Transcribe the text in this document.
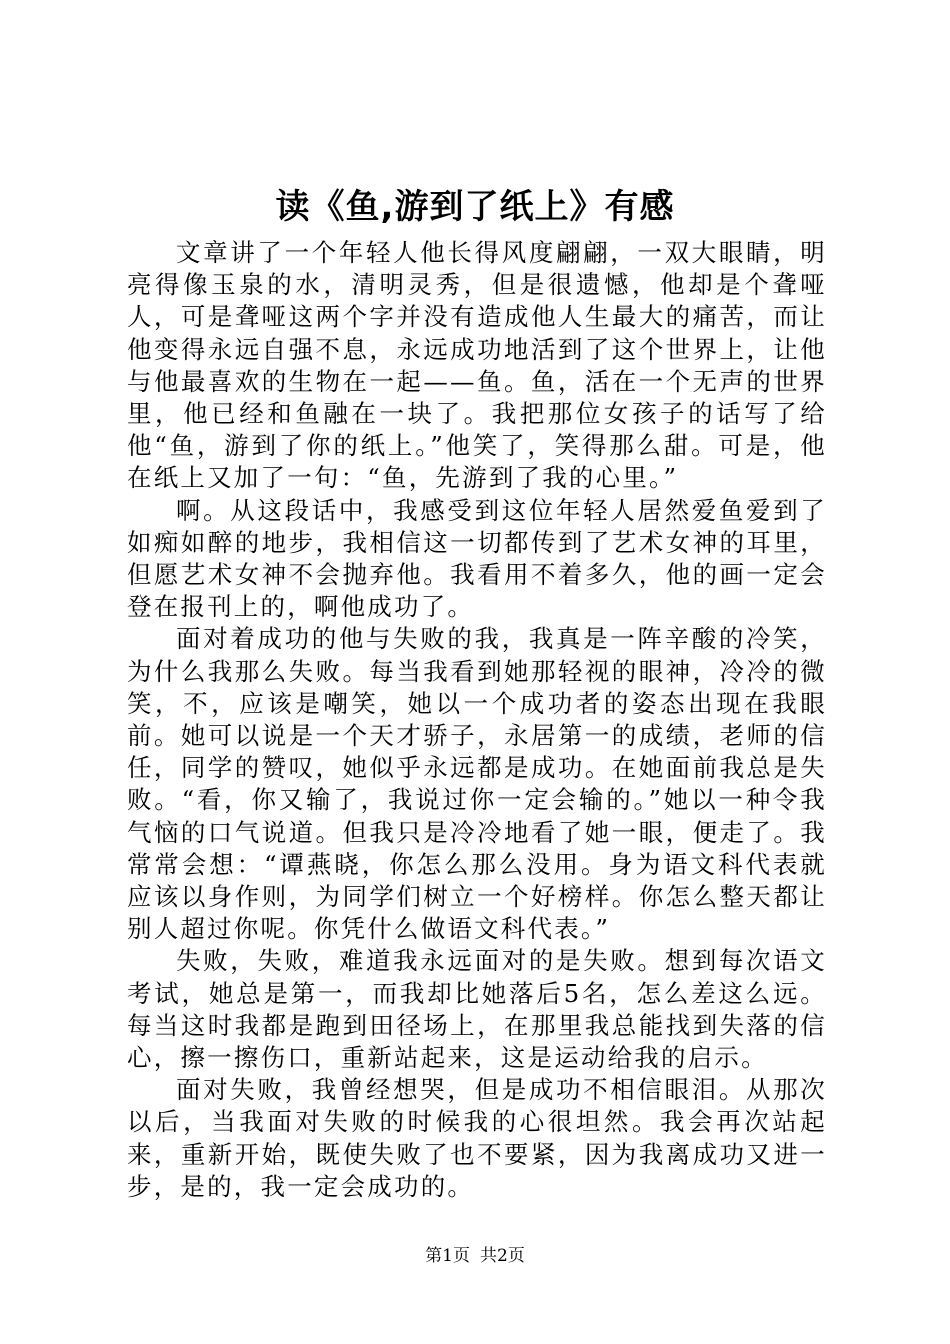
读《鱼,游到了纸上》有感

文章讲了一个年轻人他长得风度翩翩，一双大眼睛，明亮得像玉泉的水，清明灵秀，但是很遗憾，他却是个聋哑人，可是聋哑这两个字并没有造成他人生最大的痛苦，而让他变得永远自强不息，永远成功地活到了这个世界上，让他与他最喜欢的生物在一起——鱼。鱼，活在一个无声的世界里，他已经和鱼融在一块了。我把那位女孩子的话写了给他“鱼，游到了你的纸上。”他笑了，笑得那么甜。可是，他在纸上又加了一句：“鱼，先游到了我的心里。”

啊。从这段话中，我感受到这位年轻人居然爱鱼爱到了如痴如醉的地步，我相信这一切都传到了艺术女神的耳里，但愿艺术女神不会抛弃他。我看用不着多久，他的画一定会登在报刊上的，啊他成功了。

面对着成功的他与失败的我，我真是一阵辛酸的冷笑，为什么我那么失败。每当我看到她那轻视的眼神，冷冷的微笑，不，应该是嘲笑，她以一个成功者的姿态出现在我眼前。她可以说是一个天才骄子，永居第一的成绩，老师的信任，同学的赞叹，她似乎永远都是成功。在她面前我总是失败。“看，你又输了，我说过你一定会输的。”她以一种令我气恼的口气说道。但我只是冷冷地看了她一眼，便走了。我常常会想：“谭燕晓，你怎么那么没用。身为语文科代表就应该以身作则，为同学们树立一个好榜样。你怎么整天都让别人超过你呢。你凭什么做语文科代表。”

失败，失败，难道我永远面对的是失败。想到每次语文考试，她总是第一，而我却比她落后5名，怎么差这么远。每当这时我都是跑到田径场上，在那里我总能找到失落的信心，擦一擦伤口，重新站起来，这是运动给我的启示。

面对失败，我曾经想哭，但是成功不相信眼泪。从那次以后，当我面对失败的时候我的心很坦然。我会再次站起来，重新开始，既使失败了也不要紧，因为我离成功又进一步，是的，我一定会成功的。

第1页 共2页
